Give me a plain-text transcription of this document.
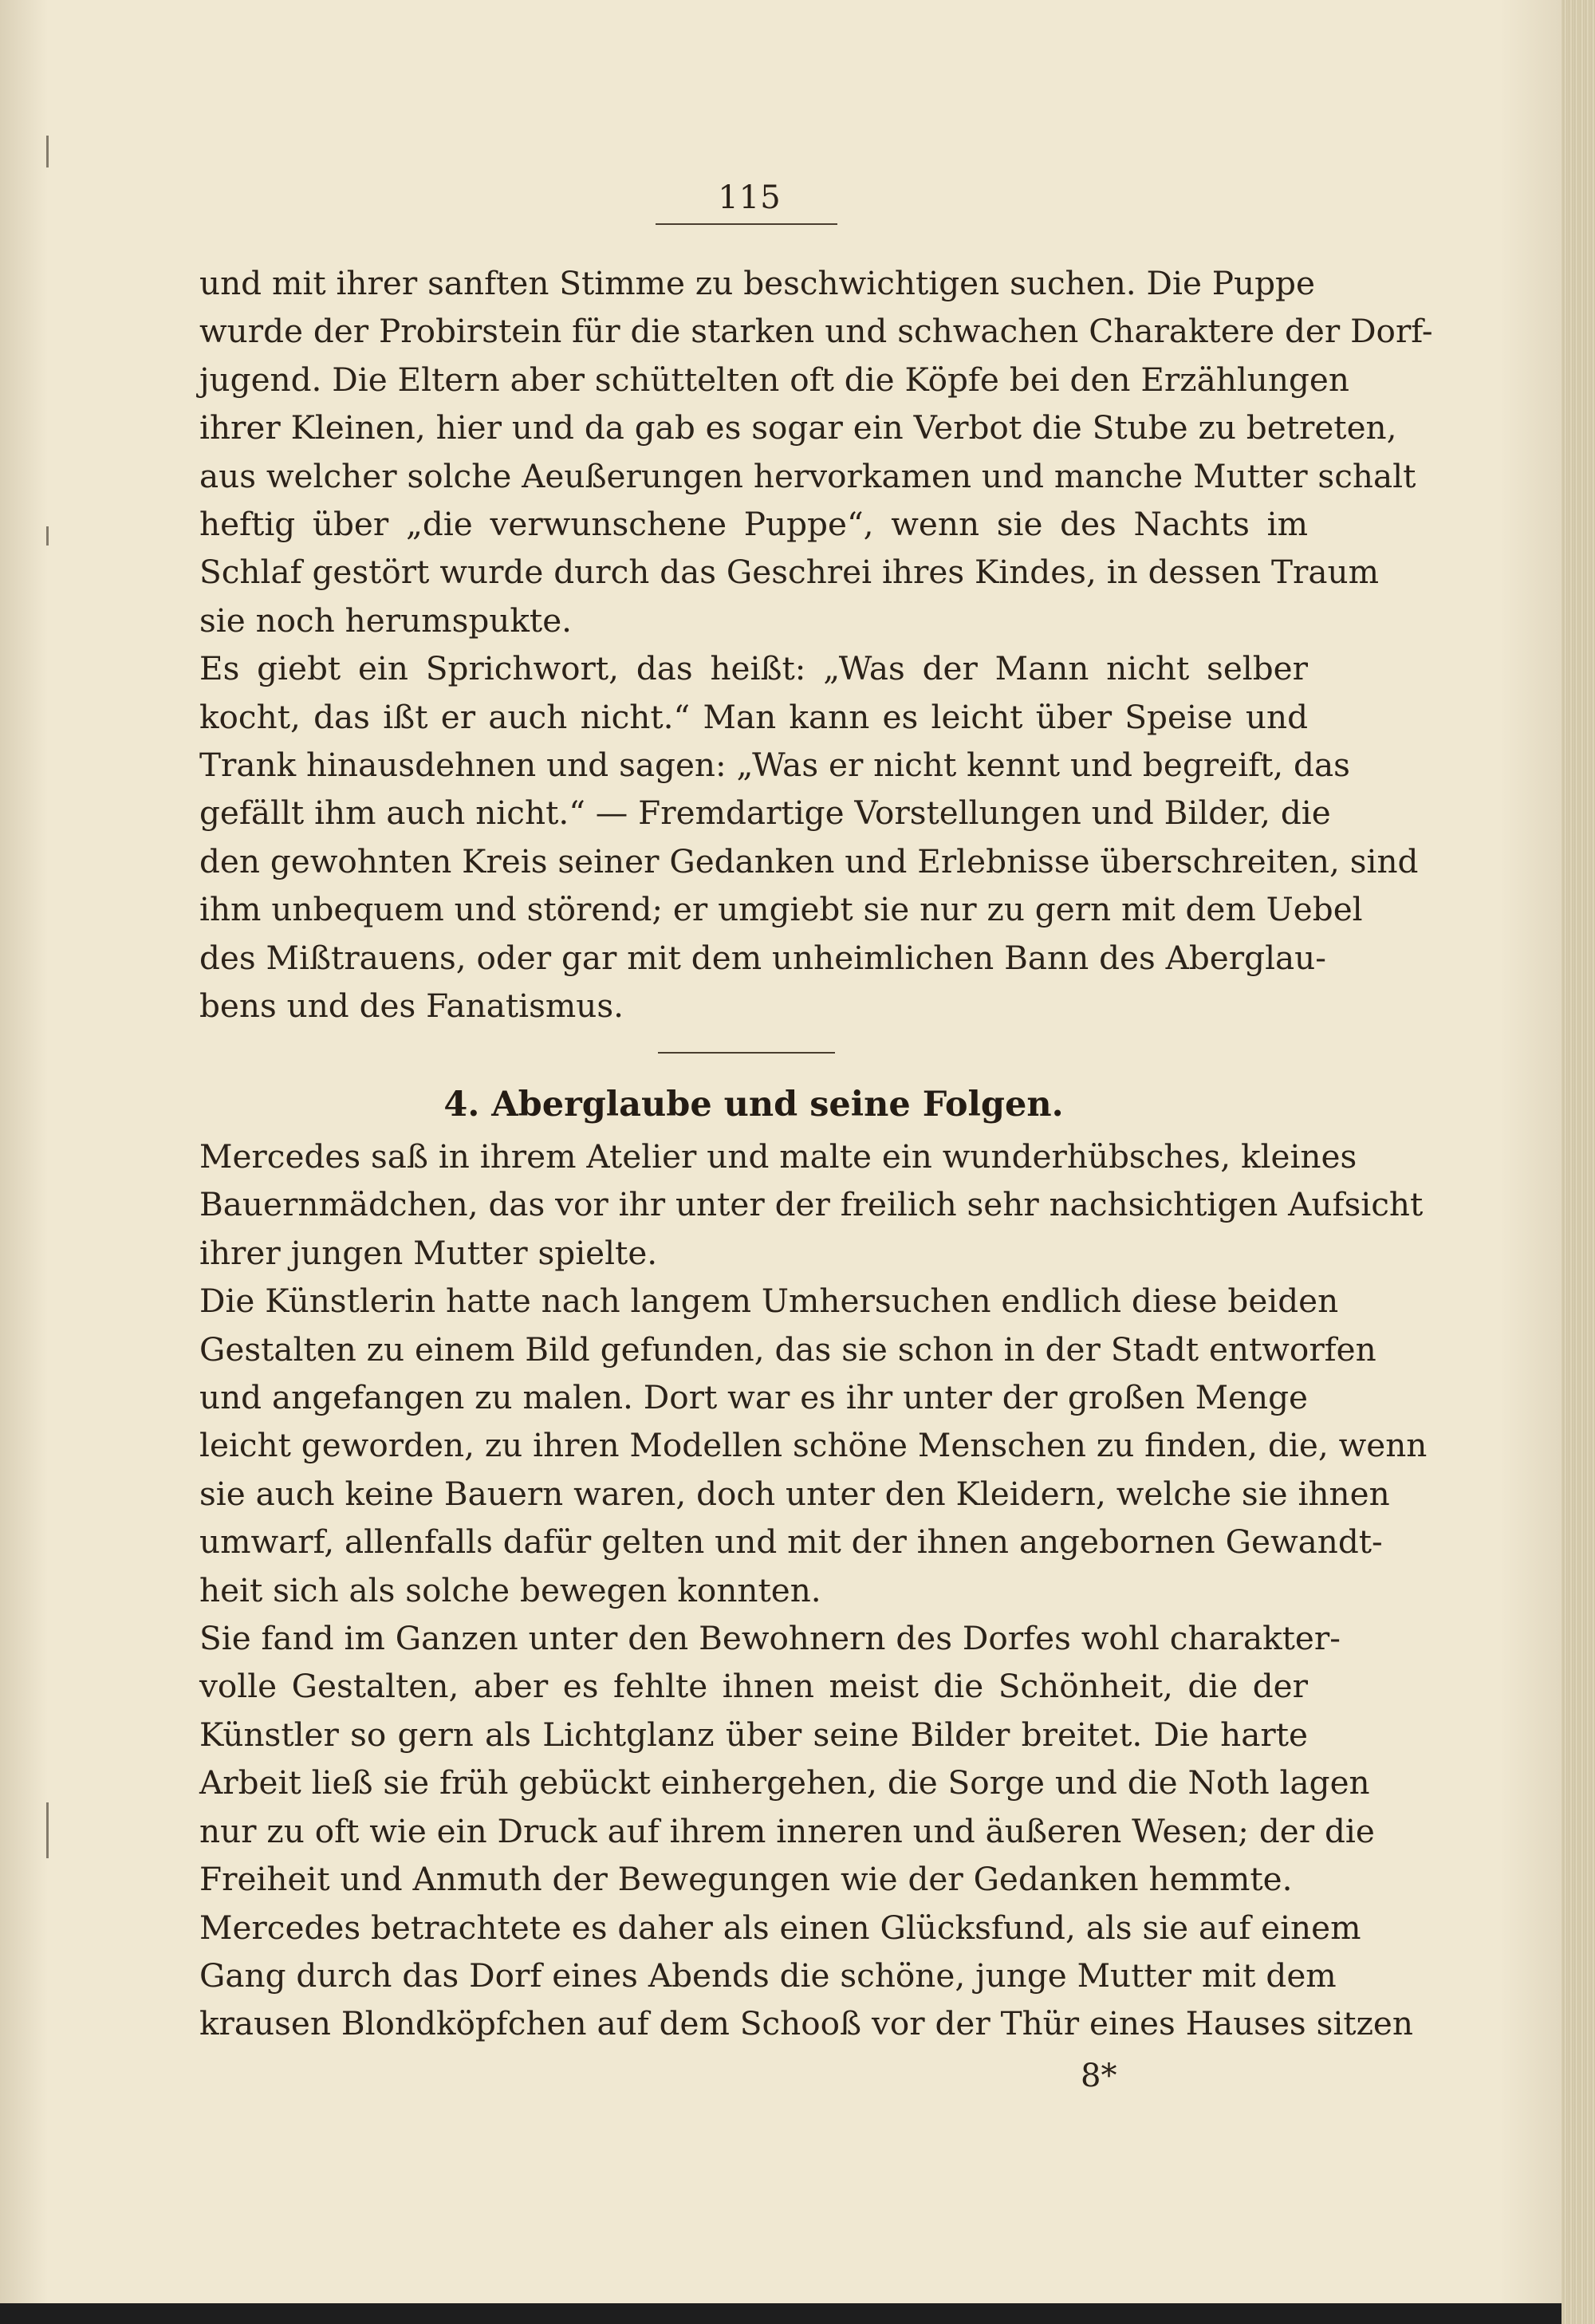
115
und mit ihrer sanften Stimme zu beschwichtigen suchen. Die Puppe
wurde der Probirstein für die starken und schwachen Charaktere der Dorf-
jugend. Die Eltern aber schüttelten oft die Köpfe bei den Erzählungen
ihrer Kleinen, hier und da gab es sogar ein Verbot die Stube zu betreten,
aus welcher solche Aeußerungen hervorkamen und manche Mutter schalt
heftig über „die verwunschene Puppe“, wenn sie des Nachts im
Schlaf gestört wurde durch das Geschrei ihres Kindes, in dessen Traum
sie noch herumspukte.
Es giebt ein Sprichwort, das heißt: „Was der Mann nicht selber
kocht, das ißt er auch nicht.“ Man kann es leicht über Speise und
Trank hinausdehnen und sagen: „Was er nicht kennt und begreift, das
gefällt ihm auch nicht.“ — Fremdartige Vorstellungen und Bilder, die
den gewohnten Kreis seiner Gedanken und Erlebnisse überschreiten, sind
ihm unbequem und störend; er umgiebt sie nur zu gern mit dem Uebel
des Mißtrauens, oder gar mit dem unheimlichen Bann des Aberglau-
bens und des Fanatismus.
4. Aberglaube und seine Folgen.
Mercedes saß in ihrem Atelier und malte ein wunderhübsches, kleines
Bauernmädchen, das vor ihr unter der freilich sehr nachsichtigen Aufsicht
ihrer jungen Mutter spielte.
Die Künstlerin hatte nach langem Umhersuchen endlich diese beiden
Gestalten zu einem Bild gefunden, das sie schon in der Stadt entworfen
und angefangen zu malen. Dort war es ihr unter der großen Menge
leicht geworden, zu ihren Modellen schöne Menschen zu finden, die, wenn
sie auch keine Bauern waren, doch unter den Kleidern, welche sie ihnen
umwarf, allenfalls dafür gelten und mit der ihnen angebornen Gewandt-
heit sich als solche bewegen konnten.
Sie fand im Ganzen unter den Bewohnern des Dorfes wohl charakter-
volle Gestalten, aber es fehlte ihnen meist die Schönheit, die der
Künstler so gern als Lichtglanz über seine Bilder breitet. Die harte
Arbeit ließ sie früh gebückt einhergehen, die Sorge und die Noth lagen
nur zu oft wie ein Druck auf ihrem inneren und äußeren Wesen; der die
Freiheit und Anmuth der Bewegungen wie der Gedanken hemmte.
Mercedes betrachtete es daher als einen Glücksfund, als sie auf einem
Gang durch das Dorf eines Abends die schöne, junge Mutter mit dem
krausen Blondköpfchen auf dem Schooß vor der Thür eines Hauses sitzen
8*
